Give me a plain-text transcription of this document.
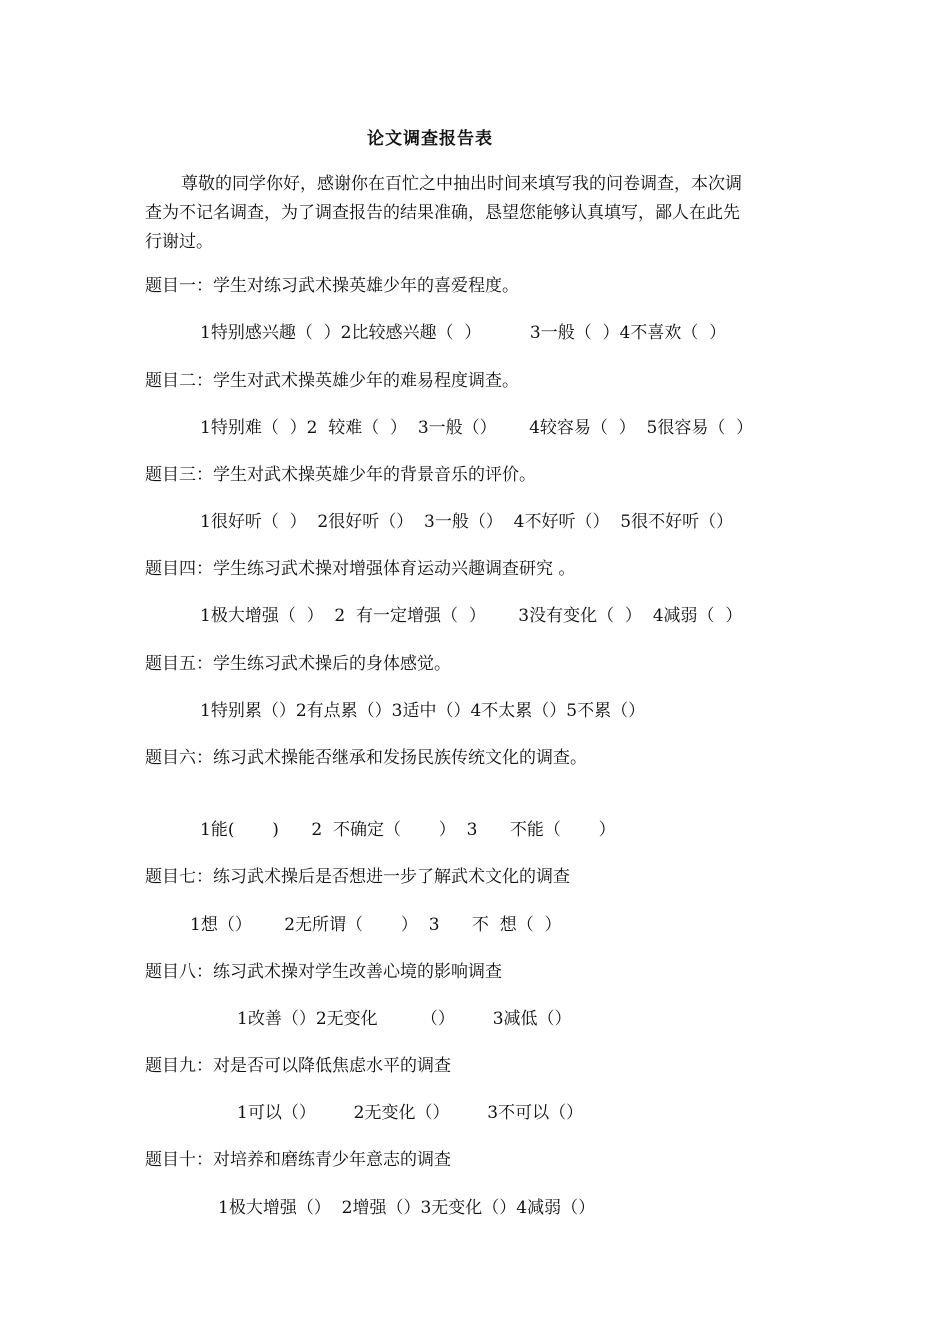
论文调查报告表
尊敬的同学你好，感谢你在百忙之中抽出时间来填写我的问卷调查，本次调
查为不记名调查，为了调查报告的结果准确，恳望您能够认真填写，鄙人在此先
行谢过。
题目一：学生对练习武术操英雄少年的喜爱程度。
1特别感兴趣（  ）2比较感兴趣（  ）         3一般（  ）4不喜欢（  ）
题目二：学生对武术操英雄少年的难易程度调查。
1特别难（  ）2  较难（  ）  3一般（）      4较容易（  ）  5很容易（  ）
题目三：学生对武术操英雄少年的背景音乐的评价。
1很好听（  ）  2很好听（）  3一般（）  4不好听（）  5很不好听（）
题目四：学生练习武术操对增强体育运动兴趣调查研究 。
1极大增强（  ）  2  有一定增强（  ）      3没有变化（  ）  4减弱（  ）
题目五：学生练习武术操后的身体感觉。
1特别累（）2有点累（）3适中（）4不太累（）5不累（）
题目六：练习武术操能否继承和发扬民族传统文化的调查。
1能(       )      2  不确定（       ）  3      不能（       ）
题目七：练习武术操后是否想进一步了解武术文化的调查
1想（）      2无所谓（       ）  3      不  想（  ）
题目八：练习武术操对学生改善心境的影响调查
1改善（）2无变化        （）       3减低（）
题目九：对是否可以降低焦虑水平的调查
1可以（）       2无变化（）       3不可以（）
题目十：对培养和磨练青少年意志的调查
1极大增强（）  2增强（）3无变化（）4减弱（）
